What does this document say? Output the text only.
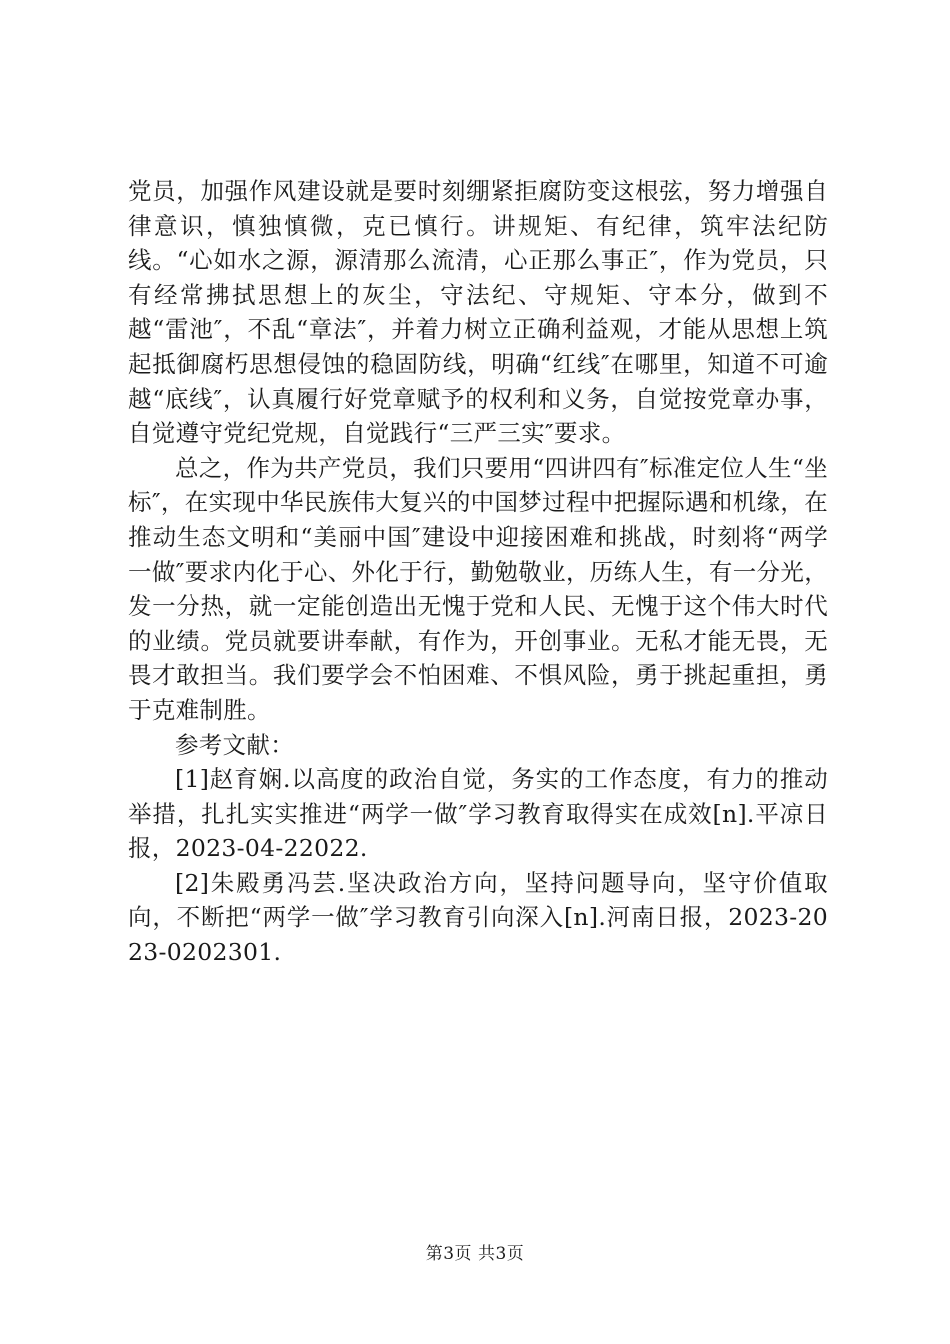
党员，加强作风建设就是要时刻绷紧拒腐防变这根弦，努力增强自律意识，慎独慎微，克已慎行。讲规矩、有纪律，筑牢法纪防线。“心如水之源，源清那么流清，心正那么事正″，作为党员，只有经常拂拭思想上的灰尘，守法纪、守规矩、守本分，做到不越“雷池″，不乱“章法″，并着力树立正确利益观，才能从思想上筑起抵御腐朽思想侵蚀的稳固防线，明确“红线″在哪里，知道不可逾越“底线″，认真履行好党章赋予的权利和义务，自觉按党章办事，自觉遵守党纪党规，自觉践行“三严三实″要求。

总之，作为共产党员，我们只要用“四讲四有″标准定位人生“坐标″，在实现中华民族伟大复兴的中国梦过程中把握际遇和机缘，在推动生态文明和“美丽中国″建设中迎接困难和挑战，时刻将“两学一做″要求内化于心、外化于行，勤勉敬业，历练人生，有一分光，发一分热，就一定能创造出无愧于党和人民、无愧于这个伟大时代的业绩。党员就要讲奉献，有作为，开创事业。无私才能无畏，无畏才敢担当。我们要学会不怕困难、不惧风险，勇于挑起重担，勇于克难制胜。

参考文献：

[1]赵育娴.以高度的政治自觉，务实的工作态度，有力的推动举措，扎扎实实推进“两学一做″学习教育取得实在成效[n].平凉日报，2023-04-22022.

[2]朱殿勇冯芸.坚决政治方向，坚持问题导向，坚守价值取向，不断把“两学一做″学习教育引向深入[n].河南日报，2023-2023-0202301.

第3页 共3页
